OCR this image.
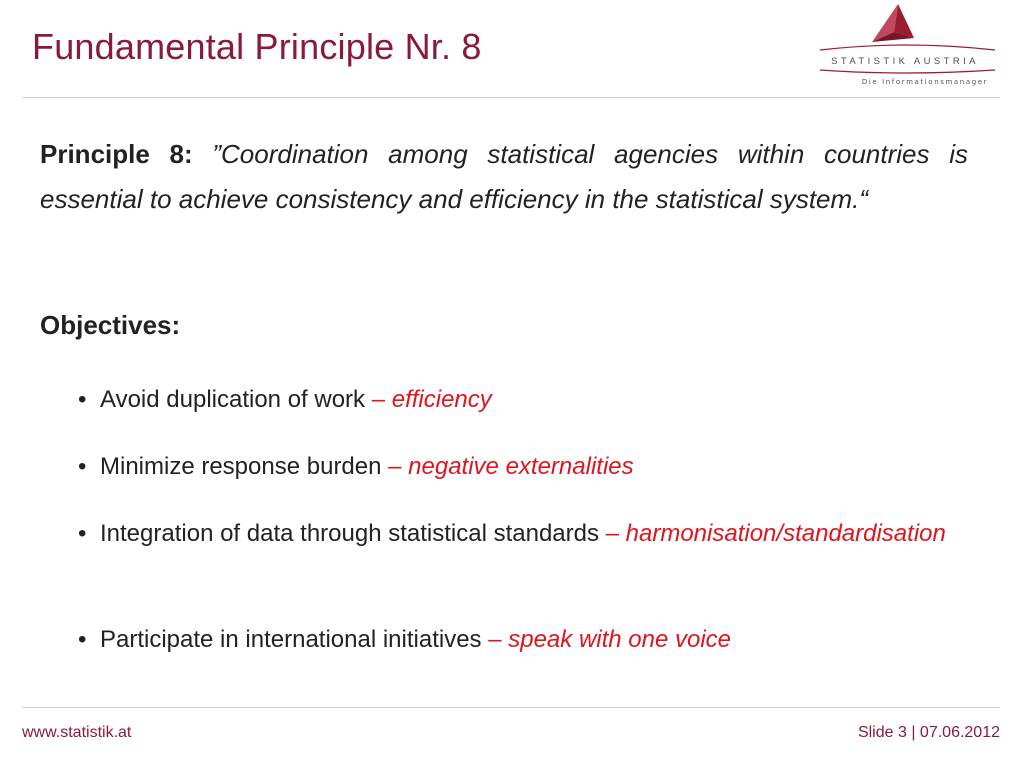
Fundamental Principle Nr. 8	STATISTIK AUSTRIA
Die Informationsmanager
Principle 8: ”Coordination among statistical agencies within countries is essential to achieve consistency and efficiency in the statistical system.“
Objectives:
• Avoid duplication of work – efficiency
• Minimize response burden – negative externalities
• Integration of data through statistical standards – harmonisation/standardisation
• Participate in international initiatives – speak with one voice
www.statistik.at	Slide 3 | 07.06.2012
